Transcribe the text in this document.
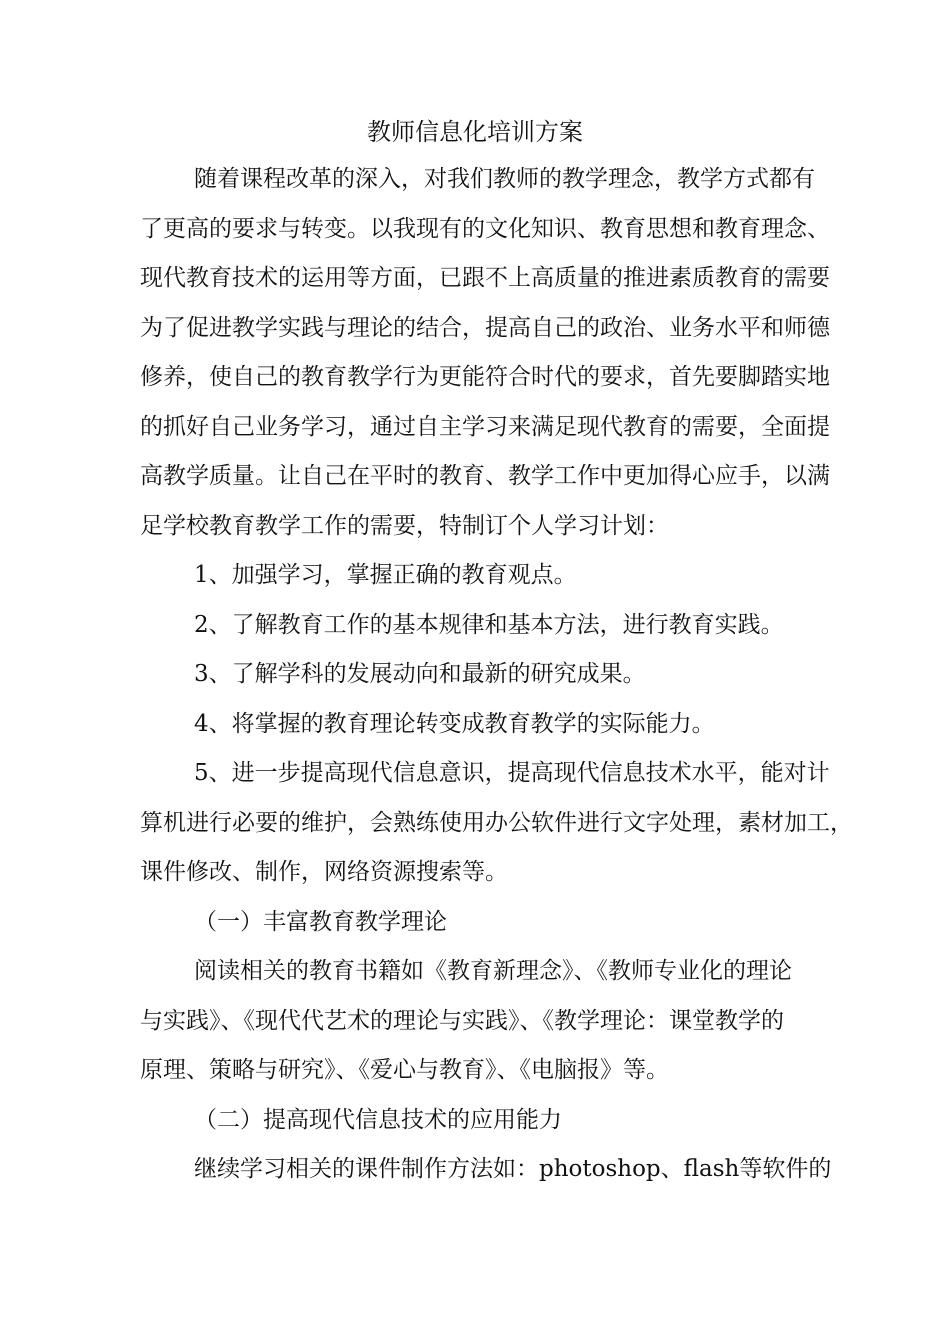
教师信息化培训方案
随着课程改革的深入，对我们教师的教学理念，教学方式都有
了更高的要求与转变。以我现有的文化知识、教育思想和教育理念、
现代教育技术的运用等方面，已跟不上高质量的推进素质教育的需要
为了促进教学实践与理论的结合，提高自己的政治、业务水平和师德
修养，使自己的教育教学行为更能符合时代的要求，首先要脚踏实地
的抓好自己业务学习，通过自主学习来满足现代教育的需要，全面提
高教学质量。让自己在平时的教育、教学工作中更加得心应手，以满
足学校教育教学工作的需要，特制订个人学习计划：
1、加强学习，掌握正确的教育观点。
2、了解教育工作的基本规律和基本方法，进行教育实践。
3、了解学科的发展动向和最新的研究成果。
4、将掌握的教育理论转变成教育教学的实际能力。
5、进一步提高现代信息意识，提高现代信息技术水平，能对计
算机进行必要的维护，会熟练使用办公软件进行文字处理，素材加工，
课件修改、制作，网络资源搜索等。
（一）丰富教育教学理论
阅读相关的教育书籍如《教育新理念》、《教师专业化的理论
与实践》、《现代代艺术的理论与实践》、《教学理论：课堂教学的
原理、策略与研究》、《爱心与教育》、《电脑报》等。
（二）提高现代信息技术的应用能力
继续学习相关的课件制作方法如：photoshop、flash等软件的
